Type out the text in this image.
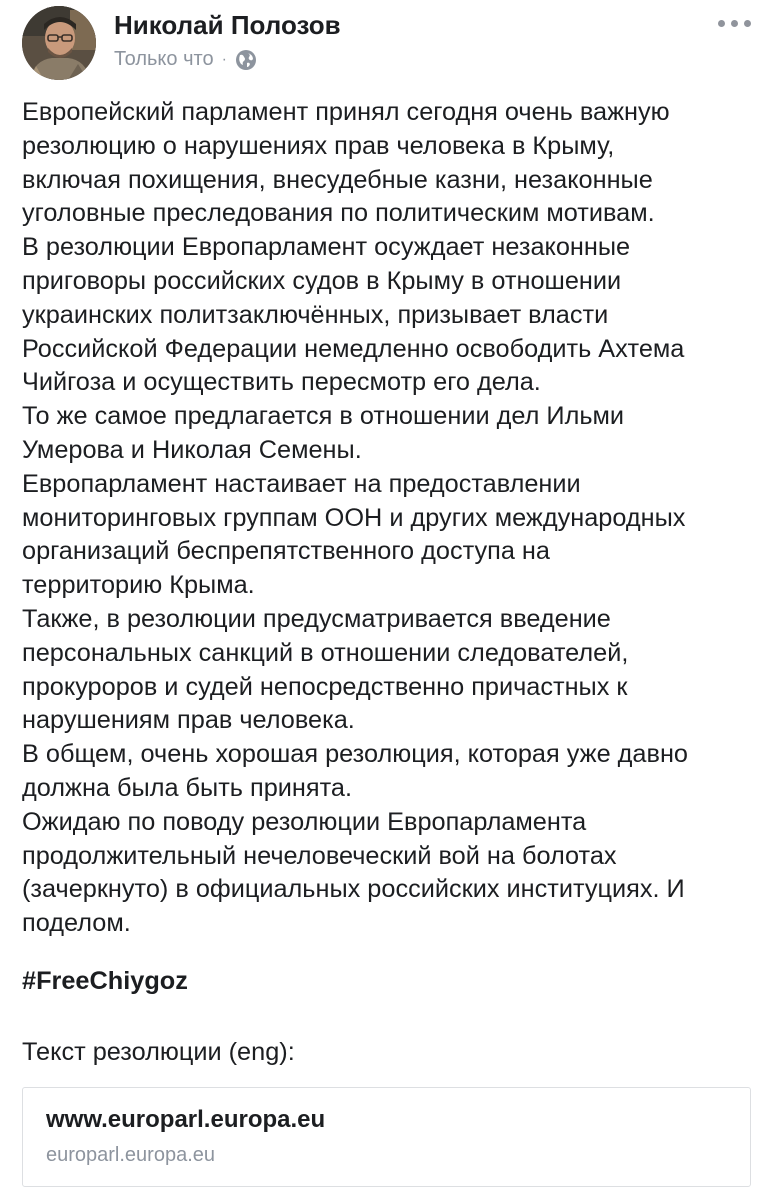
Николай Полозов
Только что ·
Европейский парламент принял сегодня очень важную
резолюцию о нарушениях прав человека в Крыму,
включая похищения, внесудебные казни, незаконные
уголовные преследования по политическим мотивам.
В резолюции Европарламент осуждает незаконные
приговоры российских судов в Крыму в отношении
украинских политзаключённых, призывает власти
Российской Федерации немедленно освободить Ахтема
Чийгоза и осуществить пересмотр его дела.
То же самое предлагается в отношении дел Ильми
Умерова и Николая Семены.
Европарламент настаивает на предоставлении
мониторинговых группам ООН и других международных
организаций беспрепятственного доступа на
территорию Крыма.
Также, в резолюции предусматривается введение
персональных санкций в отношении следователей,
прокуроров и судей непосредственно причастных к
нарушениям прав человека.
В общем, очень хорошая резолюция, которая уже давно
должна была быть принята.
Ожидаю по поводу резолюции Европарламента
продолжительный нечеловеческий вой на болотах
(зачеркнуто) в официальных российских институциях. И
поделом.
#FreeChiygoz
Текст резолюции (eng):
www.europarl.europa.eu
europarl.europa.eu
